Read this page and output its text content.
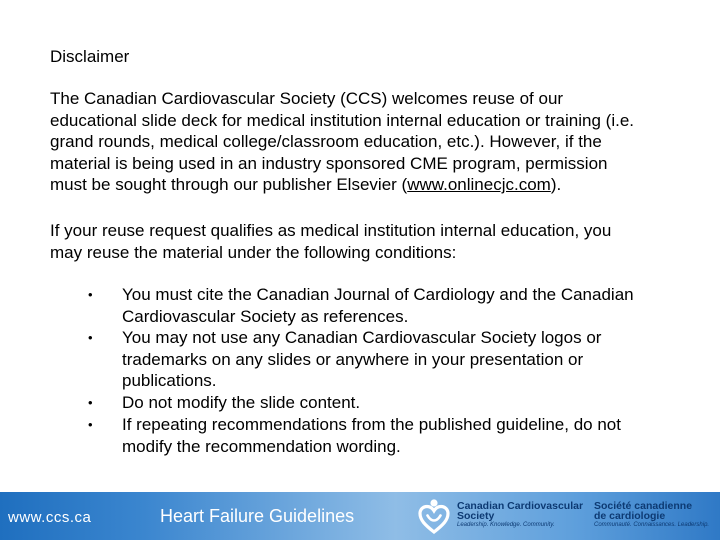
Disclaimer
The Canadian Cardiovascular Society (CCS) welcomes reuse of our
educational slide deck for medical institution internal education or training (i.e.
grand rounds, medical college/classroom education, etc.). However, if the
material is being used in an industry sponsored CME program, permission
must be sought through our publisher Elsevier (www.onlinecjc.com).
If your reuse request qualifies as medical institution internal education, you
may reuse the material under the following conditions:
• You must cite the Canadian Journal of Cardiology and the Canadian
Cardiovascular Society as references.
• You may not use any Canadian Cardiovascular Society logos or
trademarks on any slides or anywhere in your presentation or
publications.
• Do not modify the slide content.
• If repeating recommendations from the published guideline, do not
modify the recommendation wording.
www.ccs.ca	Heart Failure Guidelines	Canadian Cardiovascular
Society
Leadership. Knowledge. Community.
Société canadienne
de cardiologie
Communauté. Connaissances. Leadership.
